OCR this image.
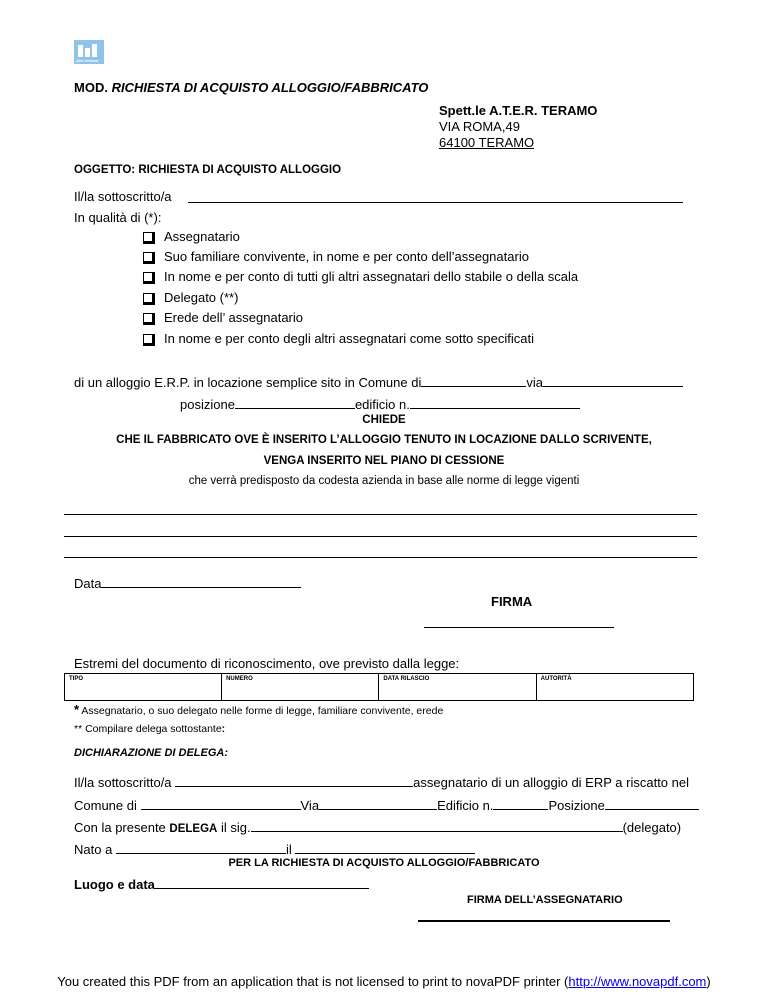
Ater teramo
MOD. RICHIESTA DI ACQUISTO ALLOGGIO/FABBRICATO
Spett.le A.T.E.R. TERAMO
VIA ROMA,49
64100 TERAMO
OGGETTO: RICHIESTA DI ACQUISTO ALLOGGIO
Il/la sottoscritto/a
In qualità di (*):
Assegnatario
Suo familiare convivente, in nome e per conto dell’assegnatario
In nome e per conto di tutti gli altri assegnatari dello stabile o della scala
Delegato (**)
Erede dell’ assegnatario
In nome e per conto degli altri assegnatari come sotto specificati
di un alloggio E.R.P. in locazione semplice sito in Comune di	via
posizione	edificio n.
CHIEDE
CHE IL FABBRICATO OVE È INSERITO L’ALLOGGIO TENUTO IN LOCAZIONE DALLO SCRIVENTE,
VENGA INSERITO NEL PIANO DI CESSIONE
che verrà predisposto da codesta azienda in base alle norme di legge vigenti
Data
FIRMA
Estremi del documento di riconoscimento, ove previsto dalla legge:
TIPO	NUMERO	DATA RILASCIO	AUTORITÀ
* Assegnatario, o suo delegato nelle forme di legge, familiare convivente, erede
** Compilare delega sottostante:
DICHIARAZIONE DI DELEGA:
Il/la sottoscritto/a	assegnatario di un alloggio di ERP a riscatto nel
Comune di	Via	Edificio n.	Posizione
Con la presente DELEGA il sig.	(delegato)
Nato a	il
PER LA RICHIESTA DI ACQUISTO ALLOGGIO/FABBRICATO
Luogo e data
FIRMA DELL’ASSEGNATARIO
You created this PDF from an application that is not licensed to print to novaPDF printer (http://www.novapdf.com)
